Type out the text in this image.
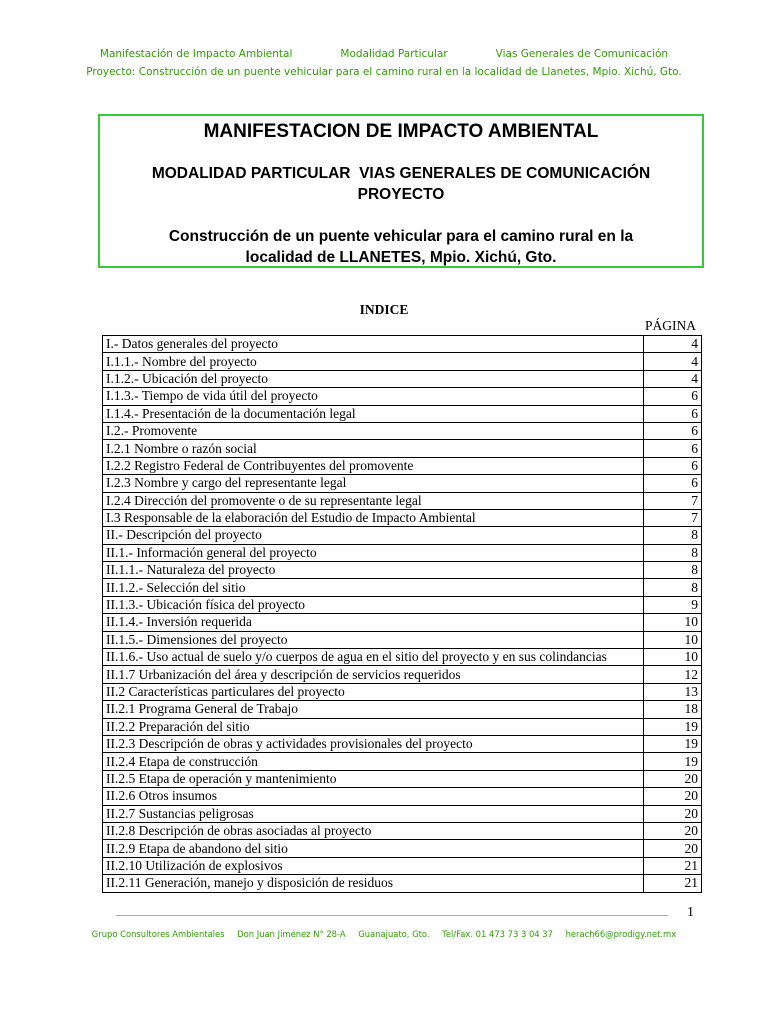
Manifestación de Impacto Ambiental	Modalidad Particular	Vias Generales de Comunicación
Proyecto: Construcción de un puente vehicular para el camino rural en la localidad de Llanetes, Mpio. Xichú, Gto.
MANIFESTACION DE IMPACTO AMBIENTAL
MODALIDAD PARTICULAR  VIAS GENERALES DE COMUNICACIÓN
PROYECTO
Construcción de un puente vehicular para el camino rural en la
localidad de LLANETES, Mpio. Xichú, Gto.
INDICE
PÁGINA
I.- Datos generales del proyecto	4
I.1.1.- Nombre del proyecto	4
I.1.2.- Ubicación del proyecto	4
I.1.3.- Tiempo de vida útil del proyecto	6
I.1.4.- Presentación de la documentación legal	6
I.2.- Promovente	6
I.2.1 Nombre o razón social	6
I.2.2 Registro Federal de Contribuyentes del promovente	6
I.2.3 Nombre y cargo del representante legal	6
I.2.4 Dirección del promovente o de su representante legal	7
I.3 Responsable de la elaboración del Estudio de Impacto Ambiental	7
II.- Descripción del proyecto	8
II.1.- Información general del proyecto	8
II.1.1.- Naturaleza del proyecto	8
II.1.2.- Selección del sitio	8
II.1.3.- Ubicación física del proyecto	9
II.1.4.- Inversión requerida	10
II.1.5.- Dimensiones del proyecto	10
II.1.6.- Uso actual de suelo y/o cuerpos de agua en el sitio del proyecto y en sus colindancias	10
II.1.7 Urbanización del área y descripción de servicios requeridos	12
II.2 Características particulares del proyecto	13
II.2.1 Programa General de Trabajo	18
II.2.2 Preparación del sitio	19
II.2.3 Descripción de obras y actividades provisionales del proyecto	19
II.2.4 Etapa de construcción	19
II.2.5 Etapa de operación y mantenimiento	20
II.2.6 Otros insumos	20
II.2.7 Sustancias peligrosas	20
II.2.8 Descripción de obras asociadas al proyecto	20
II.2.9 Etapa de abandono del sitio	20
II.2.10 Utilización de explosivos	21
II.2.11 Generación, manejo y disposición de residuos	21
1
Grupo Consultores Ambientales Don Juan Jiménez N° 28-A Guanajuato, Gto. Tel/Fax. 01 473 73 3 04 37 herach66@prodigy.net.mx
